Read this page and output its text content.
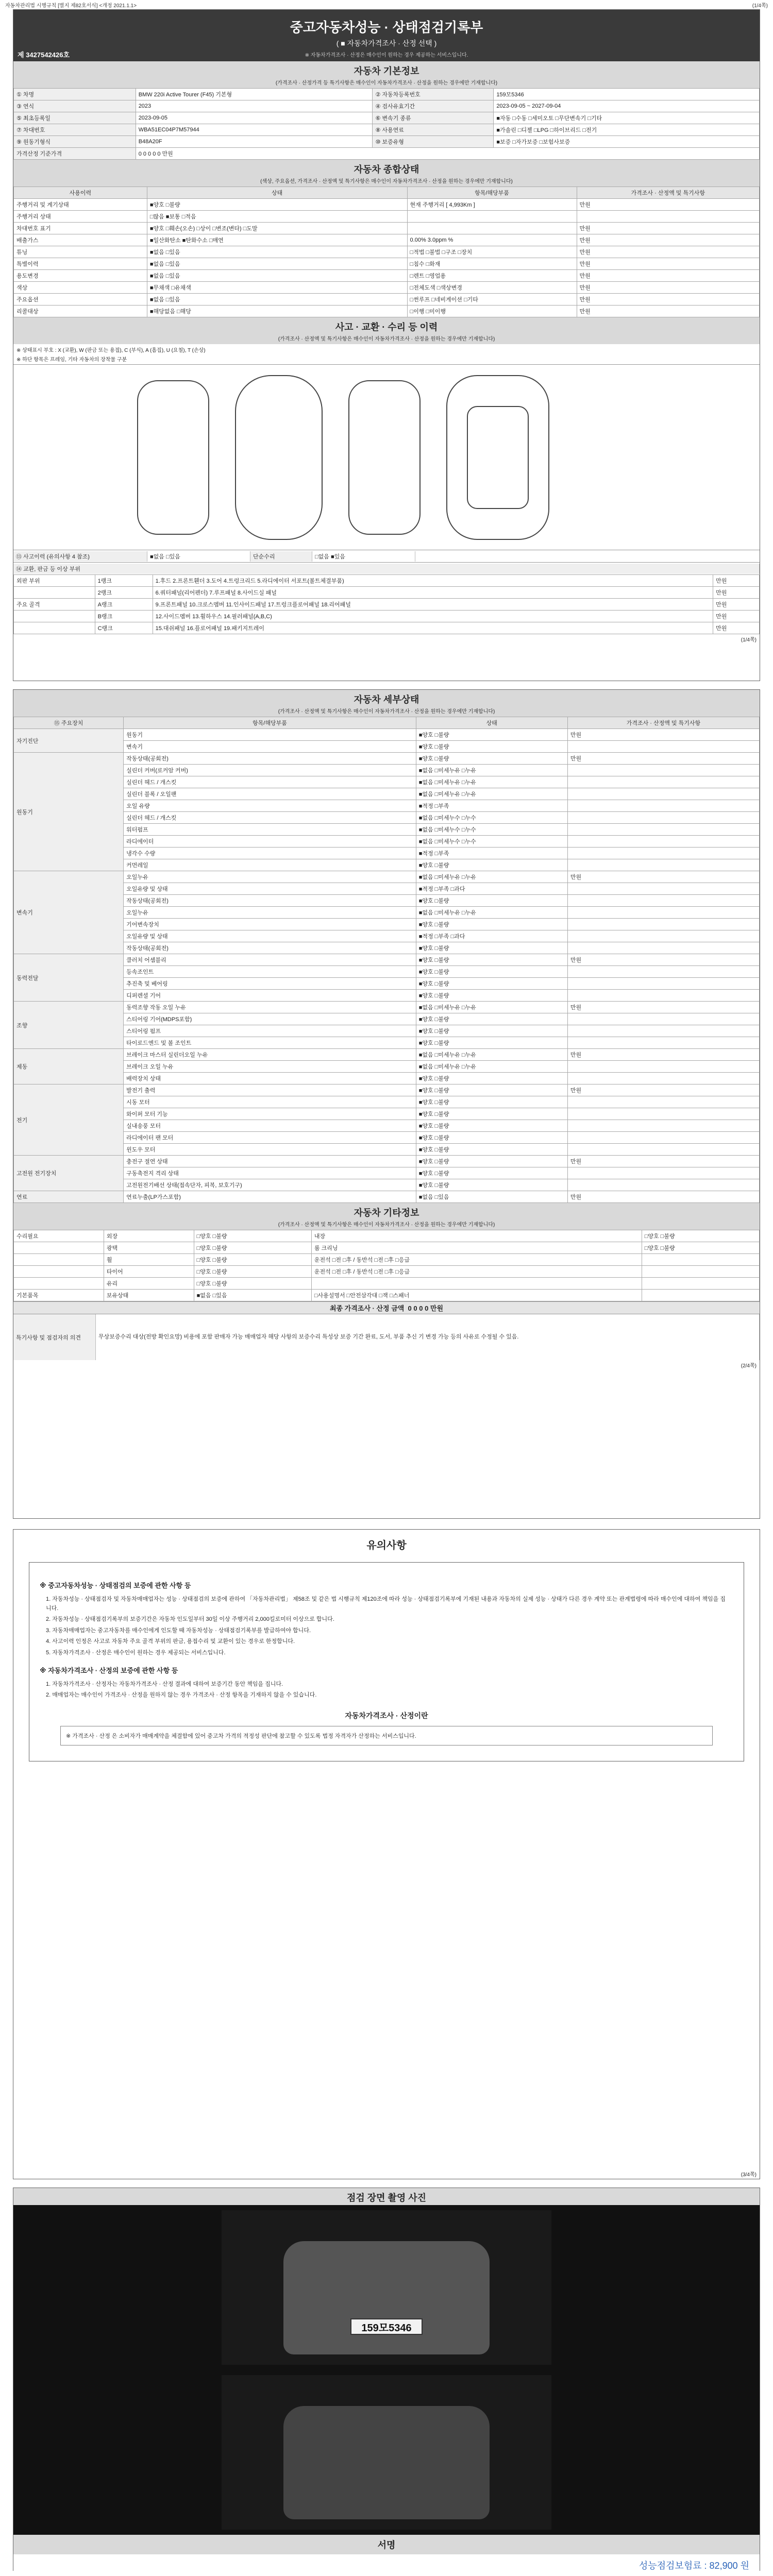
자동차관리법 시행규칙 [별지 제82호서식] <개정 2021.1.1>	(1/4쪽)
중고자동차성능 · 상태점검기록부
( ■ 자동차가격조사 · 산정 선택 )
※ 자동차가격조사 · 산정은 매수인이 원하는 경우 제공하는 서비스입니다.
제 3427542426호
자동차 기본정보
(가격조사 · 산정가격 등 특기사항은 매수인이 자동차가격조사 · 산정을 원하는 경우에만 기재합니다)
① 차명	BMW 220i Active Tourer (F45) 기본형	② 자동차등록번호	159모5346
③ 연식	2023	④ 검사유효기간	2023-09-05 ~ 2027-09-04
⑤ 최초등록일	2023-09-05	⑥ 변속기 종류	■자동 □수동 □세미오토 □무단변속기 □기타
⑦ 차대번호	WBA51EC04P7M57944	⑧ 사용연료	■가솔린 □디젤 □LPG □하이브리드 □전기
⑨ 원동기형식	B48A20F	⑩ 보증유형	■보증 □자가보증 □보험사보증
가격산정 기준가격	0 0 0 0 0 만원		
자동차 종합상태
(색상, 주요옵션, 가격조사 · 산정액 및 특기사항은 매수인이 자동차가격조사 · 산정을 원하는 경우에만 기재합니다)
사용이력	상태	항목/해당부품	가격조사 · 산정액 및 특기사항
주행거리 및 계기상태	■양호 □불량	현재 주행거리 [ 4,993Km ]	만원
주행거리 상태	□많음 ■보통 □적음		
차대번호 표기	■양호 □훼손(오손) □상이 □변조(변타) □도말		만원
배출가스	■일산화탄소 ■탄화수소 □매연	0.00% 3.0ppm %	만원
튜닝	■없음 □있음	□적법 □불법 □구조 □장치	만원
특별이력	■없음 □있음	□침수 □화재	만원
용도변경	■없음 □있음	□렌트 □영업용	만원
색상	■무채색 □유채색	□전체도색 □색상변경	만원
주요옵션	■없음 □있음	□썬루프 □네비게이션 □기타	만원
리콜대상	■해당없음 □해당	□이행 □미이행	만원
사고 · 교환 · 수리 등 이력
(가격조사 · 산정액 및 특기사항은 매수인이 자동차가격조사 · 산정을 원하는 경우에만 기재합니다)
※ 상태표시 부호 : X (교환), W (판금 또는 용접), C (부식), A (흠집), U (요철), T (손상)
※ 하단 항목은 프레임, 기타 자동차의 장착물 구분
⑬ 사고이력 (유의사항 4 참조)	■없음 □있음	단순수리	□없음 ■있음
⑭ 교환, 판금 등 이상 부위
외판 부위	1랭크	1.후드 2.프론트휀더 3.도어 4.트렁크리드 5.라디에이터 서포트(볼트체결부품)	만원
	2랭크	6.쿼터패널(리어펜더) 7.루프패널 8.사이드실 패널	만원
주요 골격	A랭크	9.프론트패널 10.크로스멤버 11.인사이드패널 17.트렁크플로어패널 18.리어패널	만원
	B랭크	12.사이드멤버 13.휠하우스 14.필러패널(A,B,C)	만원
	C랭크	15.대쉬패널 16.플로어패널 19.패키지트레이	만원
(1/4쪽)
자동차 세부상태
(가격조사 · 산정액 및 특기사항은 매수인이 자동차가격조사 · 산정을 원하는 경우에만 기재합니다)
⑮ 주요장치	항목/해당부품	상태	가격조사 · 산정액 및 특기사항
자기진단	원동기	■양호 □불량	만원
	변속기	■양호 □불량	
원동기	작동상태(공회전)	■양호 □불량	만원
	실린더 커버(로커암 커버)	■없음 □미세누유 □누유	
	실린더 헤드 / 개스킷	■없음 □미세누유 □누유	
	실린더 블록 / 오일팬	■없음 □미세누유 □누유	
	오일 유량	■적정 □부족	
	실린더 헤드 / 개스킷	■없음 □미세누수 □누수	
	워터펌프	■없음 □미세누수 □누수	
	라디에이터	■없음 □미세누수 □누수	
	냉각수 수량	■적정 □부족	
	커먼레일	■양호 □불량	
변속기	오일누유	■없음 □미세누유 □누유	만원
	오일유량 및 상태	■적정 □부족 □과다	
	작동상태(공회전)	■양호 □불량	
	오일누유	■없음 □미세누유 □누유	
	기어변속장치	■양호 □불량	
	오일유량 및 상태	■적정 □부족 □과다	
	작동상태(공회전)	■양호 □불량	
동력전달	클러치 어셈블리	■양호 □불량	만원
	등속조인트	■양호 □불량	
	추진축 및 베어링	■양호 □불량	
	디퍼렌셜 기어	■양호 □불량	
조향	동력조향 작동 오일 누유	■없음 □미세누유 □누유	만원
	스티어링 기어(MDPS포함)	■양호 □불량	
	스티어링 펌프	■양호 □불량	
	타이로드엔드 및 볼 조인트	■양호 □불량	
제동	브레이크 마스터 실린더오일 누유	■없음 □미세누유 □누유	만원
	브레이크 오일 누유	■없음 □미세누유 □누유	
	배력장치 상태	■양호 □불량	
전기	발전기 출력	■양호 □불량	만원
	시동 모터	■양호 □불량	
	와이퍼 모터 기능	■양호 □불량	
	실내송풍 모터	■양호 □불량	
	라디에이터 팬 모터	■양호 □불량	
	윈도우 모터	■양호 □불량	
고전원 전기장치	충전구 절연 상태	■양호 □불량	만원
	구동축전지 격리 상태	■양호 □불량	
	고전원전기배선 상태(접속단자, 피복, 보호기구)	■양호 □불량	
연료	연료누출(LP가스포함)	■없음 □있음	만원
자동차 기타정보
(가격조사 · 산정액 및 특기사항은 매수인이 자동차가격조사 · 산정을 원하는 경우에만 기재합니다)
수리필요	외장	□양호 □불량	내장	□양호 □불량
	광택	□양호 □불량	룸 크리닝	□양호 □불량
	휠	□양호 □불량	운전석 □전 □후 / 동반석 □전 □후 □응급	
	타이어	□양호 □불량	운전석 □전 □후 / 동반석 □전 □후 □응급	
	유리	□양호 □불량		
기본품목	보유상태	■없음 □있음	□사용설명서 □안전삼각대 □잭 □스패너	
최종 가격조사 · 산정 금액
0 0 0 0 만원
특기사항 및 점검자의 의견	무상보증수리 대상(전방 확인요망) 비용에 포함 판매자 가능 매매업자 해당 사항의 보증수리 특성상 보증 기간 완료, 도서, 부품 추신 기 변경 가능 등의 사유로 수정될 수 있음.
(2/4쪽)
유의사항
※ 중고자동차성능 · 상태점검의 보증에 관한 사항 등
1. 자동차성능 · 상태점검자 및 자동차매매업자는 성능 · 상태점검의 보증에 관하여 「자동차관리법」 제58조 및 같은 법 시행규칙 제120조에 따라 성능 · 상태점검기록부에 기재된 내용과 자동차의 실제 성능 · 상태가 다른 경우 계약 또는 관계법령에 따라 매수인에 대하여 책임을 집니다.
2. 자동차성능 · 상태점검기록부의 보증기간은 자동차 인도일부터 30일 이상 주행거리 2,000킬로미터 이상으로 합니다.
3. 자동차매매업자는 중고자동차를 매수인에게 인도할 때 자동차성능 · 상태점검기록부를 발급하여야 합니다.
4. 사고이력 인정은 사고로 자동차 주요 골격 부위의 판금, 용접수리 및 교환이 있는 경우로 한정합니다.
5. 자동차가격조사 · 산정은 매수인이 원하는 경우 제공되는 서비스입니다.
※ 자동차가격조사 · 산정의 보증에 관한 사항 등
1. 자동차가격조사 · 산정자는 자동차가격조사 · 산정 결과에 대하여 보증기간 동안 책임을 집니다.
2. 매매업자는 매수인이 가격조사 · 산정을 원하지 않는 경우 가격조사 · 산정 항목을 기재하지 않을 수 있습니다.
자동차가격조사 · 산정이란
※ 가격조사 · 산정 은 소비자가 매매계약을 체결함에 있어 중고차 가격의 적정성 판단에 참고할 수 있도록 법정 자격자가 산정하는 서비스입니다.
(3/4쪽)
점검 장면 촬영 사진
159모5346
서명
성능점검보험료 : 82,900 원
